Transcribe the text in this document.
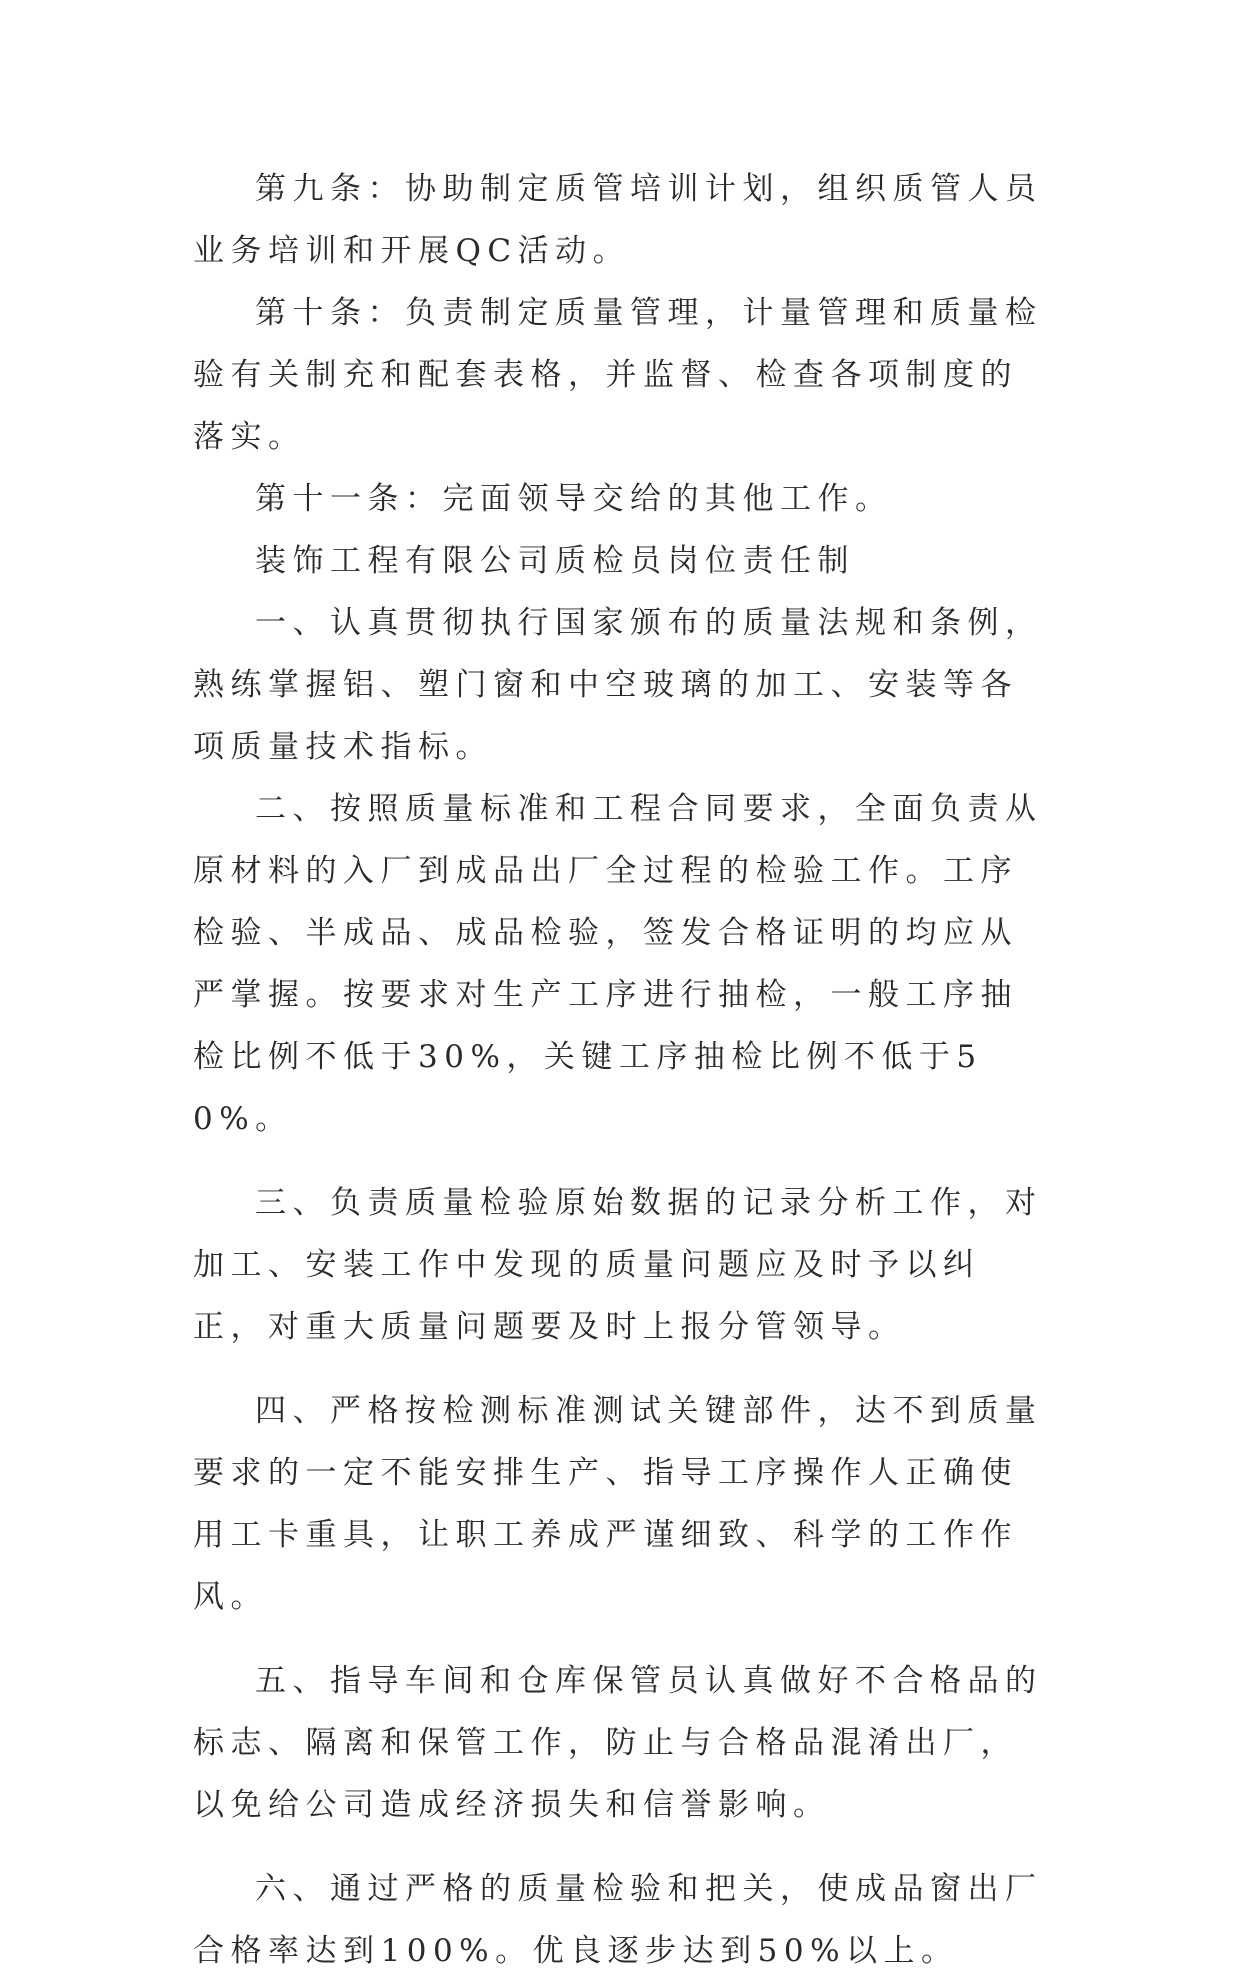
第九条：协助制定质管培训计划，组织质管人员业务培训和开展QC活动。

第十条：负责制定质量管理，计量管理和质量检验有关制充和配套表格，并监督、检查各项制度的落实。

第十一条：完面领导交给的其他工作。

装饰工程有限公司质检员岗位责任制

一、认真贯彻执行国家颁布的质量法规和条例，熟练掌握铝、塑门窗和中空玻璃的加工、安装等各项质量技术指标。

二、按照质量标准和工程合同要求，全面负责从原材料的入厂到成品出厂全过程的检验工作。工序检验、半成品、成品检验，签发合格证明的均应从严掌握。按要求对生产工序进行抽检，一般工序抽检比例不低于30%，关键工序抽检比例不低于50%。

三、负责质量检验原始数据的记录分析工作，对加工、安装工作中发现的质量问题应及时予以纠正，对重大质量问题要及时上报分管领导。

四、严格按检测标准测试关键部件，达不到质量要求的一定不能安排生产、指导工序操作人正确使用工卡重具，让职工养成严谨细致、科学的工作作风。

五、指导车间和仓库保管员认真做好不合格品的标志、隔离和保管工作，防止与合格品混淆出厂，以免给公司造成经济损失和信誉影响。

六、通过严格的质量检验和把关，使成品窗出厂合格率达到100%。优良逐步达到50%以上。
